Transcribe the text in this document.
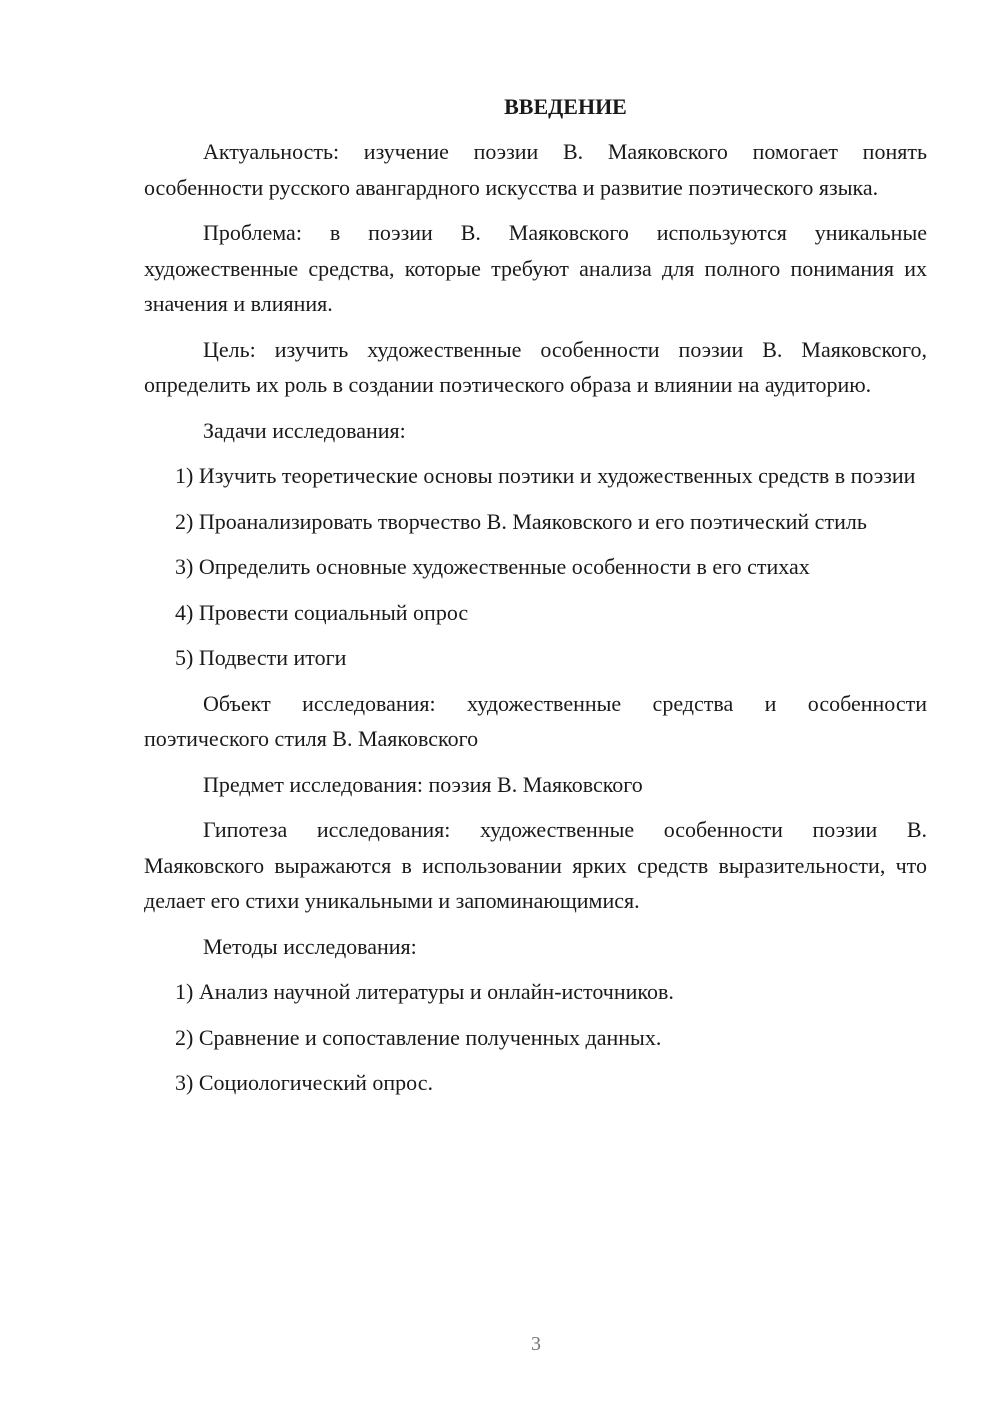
ВВЕДЕНИЕ

Актуальность: изучение поэзии В. Маяковского помогает понять особенности русского авангардного искусства и развитие поэтического языка.

Проблема: в поэзии В. Маяковского используются уникальные художественные средства, которые требуют анализа для полного понимания их значения и влияния.

Цель: изучить художественные особенности поэзии В. Маяковского, определить их роль в создании поэтического образа и влиянии на аудиторию.

Задачи исследования:

1) Изучить теоретические основы поэтики и художественных средств в поэзии

2) Проанализировать творчество В. Маяковского и его поэтический стиль

3) Определить основные художественные особенности в его стихах

4) Провести социальный опрос

5) Подвести итоги

Объект исследования: художественные средства и особенности поэтического стиля В. Маяковского

Предмет исследования: поэзия В. Маяковского

Гипотеза исследования: художественные особенности поэзии В. Маяковского выражаются в использовании ярких средств выразительности, что делает его стихи уникальными и запоминающимися.

Методы исследования:

1) Анализ научной литературы и онлайн-источников.

2) Сравнение и сопоставление полученных данных.

3) Социологический опрос.

3
